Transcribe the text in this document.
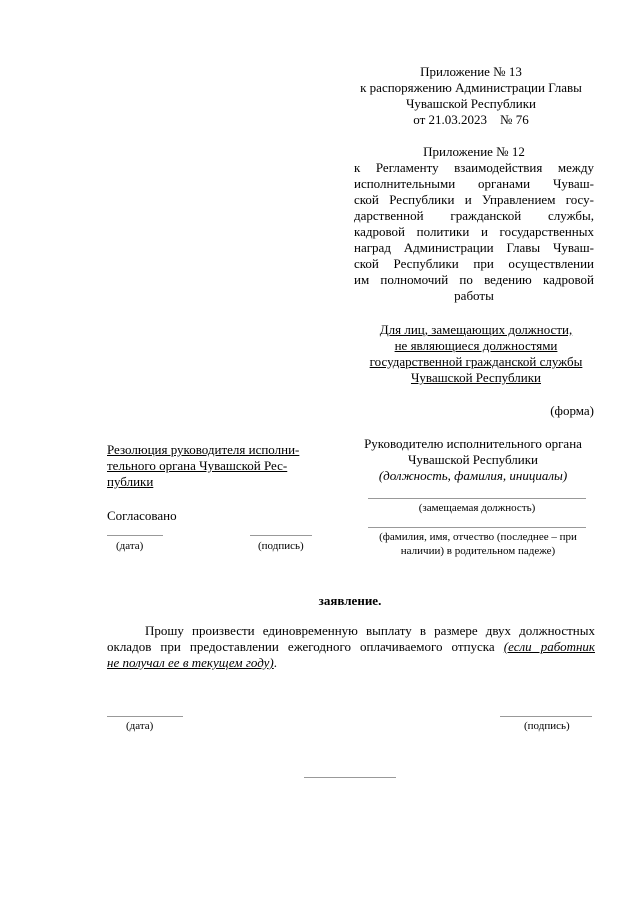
Приложение № 13
к распоряжению Администрации Главы
Чувашской Республики
от 21.03.2023    № 76
Приложение № 12
к Регламенту взаимодействия между
исполнительными органами Чуваш-
ской Республики и Управлением госу-
дарственной гражданской службы,
кадровой политики и государственных
наград Администрации Главы Чуваш-
ской Республики при осуществлении
им полномочий по ведению кадровой
работы
Для лиц, замещающих должности,
не являющиеся должностями
государственной гражданской службы
Чувашской Республики
(форма)
Резолюция руководителя исполни-
тельного органа Чувашской Рес-
публики
Согласовано
(дата)	(подпись)
Руководителю исполнительного органа
Чувашской Республики
(должность, фамилия, инициалы)
(замещаемая должность)
(фамилия, имя, отчество (последнее – при
наличии) в родительном падеже)
заявление.
Прошу произвести единовременную выплату в размере двух должностных
окладов при предоставлении ежегодного оплачиваемого отпуска (если работник
не получал ее в текущем году).
(дата)	(подпись)
